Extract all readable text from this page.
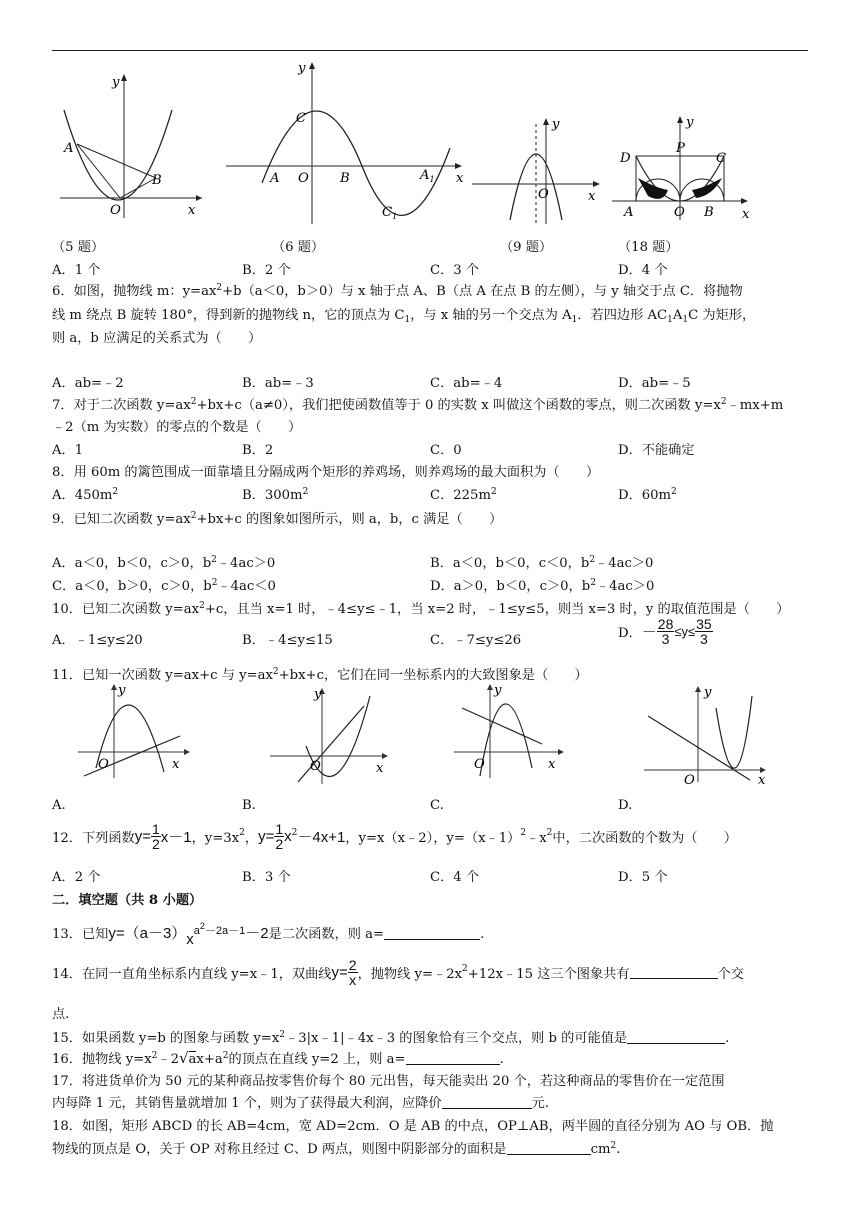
y
x
O
A
B
y
x
O
A	B
C
$A_1$
$C_1$
y
x
O
y
x
O
A	B
C
D
P
（5 题）	（6 题）	（9 题）	（18 题）
A．1 个	B．2 个	C．3 个	D．4 个
6．如图，抛物线 m：$y=ax^2+b(a<0$，b＞0）与 x 轴于点 A、B（点 A 在点 B 的左侧），与 y 轴交于点 C．将抛物
线 m 绕点 B 旋转 180°，得到新的抛物线 n，它的顶点为 $C_1$，与 x 轴的另一个交点为 $A_1$．若四边形 $AC_1A_1C$ 为矩形，
则 a，b 应满足的关系式为（　　）
A．ab=﹣2	B．ab=﹣3	C．ab=﹣4	D．ab=﹣5
7．对于二次函数 $y=ax^2+bx+c(a\ne 0)$，我们把使函数值等于 0 的实数 x 叫做这个函数的零点，则二次函数 $y=x^2﹣mx+m$
﹣2（m 为实数）的零点的个数是（　　）
A．1	B．2	C．0	D．不能确定
8．用 60m 的篱笆围成一面靠墙且分隔成两个矩形的养鸡场，则养鸡场的最大面积为（　　）
A．$450m^2$	B．$300m^2$	C．$225m^2$	D．$60m^2$
9．已知二次函数 $y=ax^2+bx+c$ 的图象如图所示，则 a，b，c 满足（　　）
A．a＜0，b＜0，c＞0，$b^2﹣4ac>0$	B．a＜0，b＜0，c＜0，$b^2﹣4ac>0$
C．a＜0，b＞0，c＞0，$b^2﹣4ac<0$	D．a＞0，b＜0，c＞0，$b^2﹣4ac>0$
10．已知二次函数 $y=ax^2+c$，且当 x=1 时，﹣4≤y≤﹣1，当 x=2 时，﹣1≤y≤5，则当 x=3 时，y 的取值范围是（　　）
A．﹣1≤y≤20	B．﹣4≤y≤15	C．﹣7≤y≤26	D．－ $\frac{28}{3} \le y\le \frac{35}{3}$
11．已知一次函数 y=ax+c 与 $y=ax^2+bx+c$，它们在同一坐标系内的大致图象是（　　）
y
x
O
y
x
O
y
x
O
y
x
O
A.	B.	C.	D.
12．下列函数$y= \frac{1}{2} x-1$，$y=3x^2$，$y= \frac{1}{2} x^2-4x+1$，y=x（x﹣2），$y=(x﹣1)^2﹣x^2$中，二次函数的个数为（　　）
A．2 个	B．3 个	C．4 个	D．5 个
二．填空题（共 8 小题）
13．已知$y=(a-3)x^{a^2-2a-1}-2$是二次函数，则 a=	.
14．在同一直角坐标系内直线 y=x﹣1，双曲线$y= \frac{2}{x}$ ，抛物线 $y=﹣2x^2+12x﹣15$ 这三个图象共有	个交
点.
15．如果函数 y=b 的图象与函数 $y=x^2﹣3|x﹣1|﹣4x﹣3$ 的图象恰有三个交点，则 b 的可能值是	.
16．抛物线 $y=x^2﹣2√ax+a^2$的顶点在直线 y=2 上，则 a=	.
17．将进货单价为 50 元的某种商品按零售价每个 80 元出售，每天能卖出 20 个，若这种商品的零售价在一定范围
内每降 1 元，其销售量就增加 1 个，则为了获得最大利润，应降价	元.
18．如图，矩形 ABCD 的长 AB=4cm，宽 AD=2cm．O 是 AB 的中点，OP⊥AB，两半圆的直径分别为 AO 与 OB．抛
物线的顶点是 O，关于 OP 对称且经过 C、D 两点，则图中阴影部分的面积是	$cm^2$.
